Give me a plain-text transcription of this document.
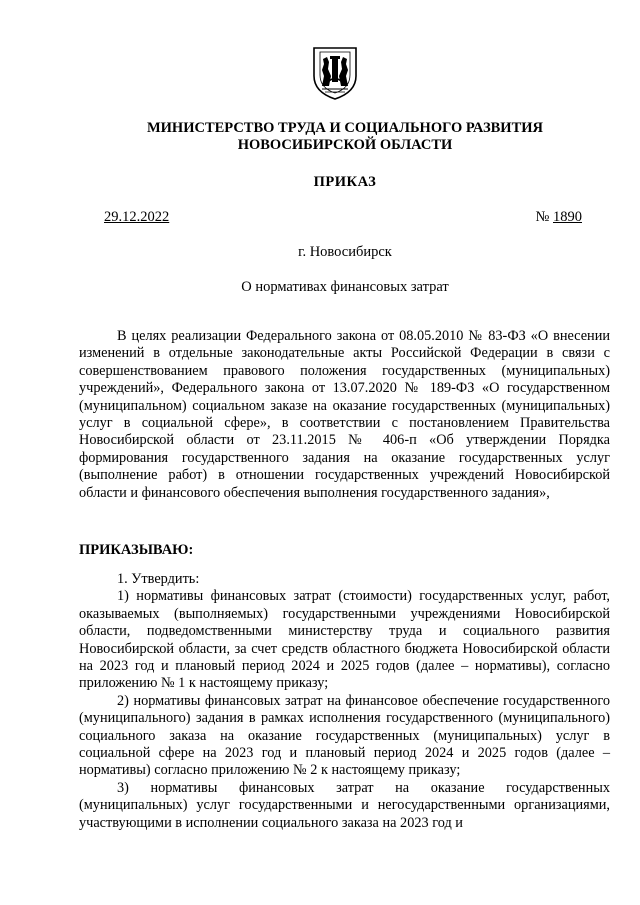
МИНИСТЕРСТВО ТРУДА И СОЦИАЛЬНОГО РАЗВИТИЯ
НОВОСИБИРСКОЙ ОБЛАСТИ
ПРИКАЗ
29.12.2022	№ 1890
г. Новосибирск
О нормативах финансовых затрат

В целях реализации Федерального закона от 08.05.2010 № 83-ФЗ «О внесении изменений в отдельные законодательные акты Российской Федерации в связи с совершенствованием правового положения государственных (муниципальных) учреждений», Федерального закона от 13.07.2020 № 189-ФЗ «О государственном (муниципальном) социальном заказе на оказание государственных (муниципальных) услуг в социальной сфере», в соответствии с постановлением Правительства Новосибирской области от 23.11.2015 № 406-п «Об утверждении Порядка формирования государственного задания на оказание государственных услуг (выполнение работ) в отношении государственных учреждений Новосибирской области и финансового обеспечения выполнения государственного задания»,

ПРИКАЗЫВАЮ:

1. Утвердить:

1) нормативы финансовых затрат (стоимости) государственных услуг, работ, оказываемых (выполняемых) государственными учреждениями Новосибирской области, подведомственными министерству труда и социального развития Новосибирской области, за счет средств областного бюджета Новосибирской области на 2023 год и плановый период 2024 и 2025 годов (далее – нормативы), согласно приложению № 1 к настоящему приказу;

2) нормативы финансовых затрат на финансовое обеспечение государственного (муниципального) задания в рамках исполнения государственного (муниципального) социального заказа на оказание государственных (муниципальных) услуг в социальной сфере на 2023 год и плановый период 2024 и 2025 годов (далее – нормативы) согласно приложению № 2 к настоящему приказу;

3) нормативы финансовых затрат на оказание государственных (муниципальных) услуг государственными и негосударственными организациями, участвующими в исполнении социального заказа на 2023 год и
